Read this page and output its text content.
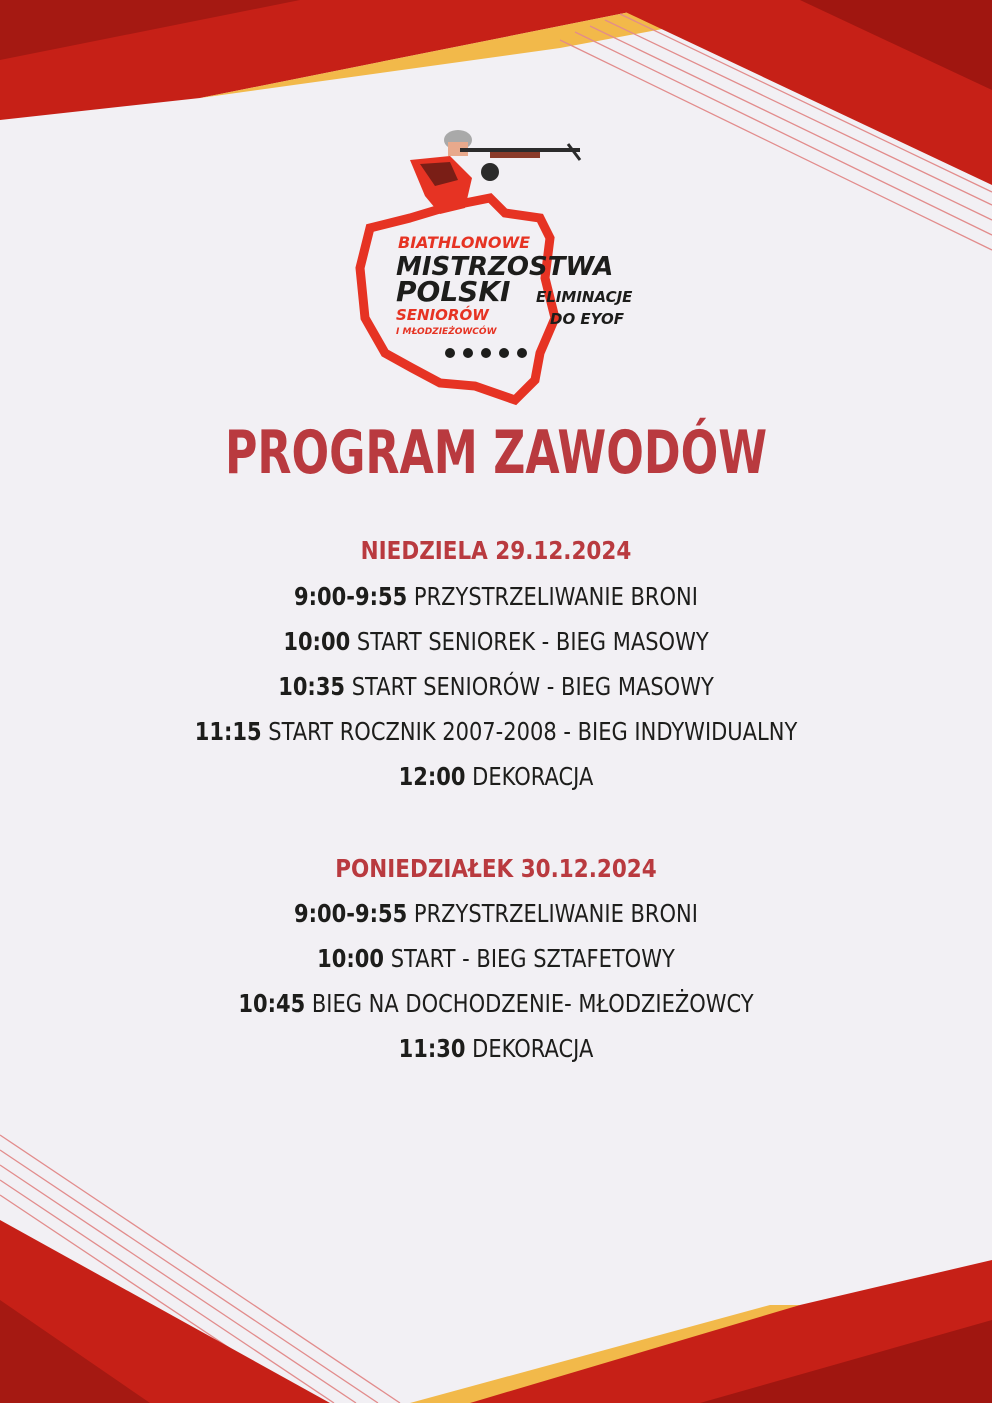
BIATHLONOWE
MISTRZOSTWA
POLSKI
SENIORÓW
I MŁODZIEŻOWCÓW
ELIMINACJE
DO EYOF
PROGRAM ZAWODÓW
NIEDZIELA 29.12.2024
9:00-9:55 PRZYSTRZELIWANIE BRONI
10:00 START SENIOREK - BIEG MASOWY
10:35 START SENIORÓW - BIEG MASOWY
11:15 START ROCZNIK 2007-2008 - BIEG INDYWIDUALNY
12:00 DEKORACJA
PONIEDZIAŁEK 30.12.2024
9:00-9:55 PRZYSTRZELIWANIE BRONI
10:00 START - BIEG SZTAFETOWY
10:45 BIEG NA DOCHODZENIE- MŁODZIEŻOWCY
11:30 DEKORACJA
